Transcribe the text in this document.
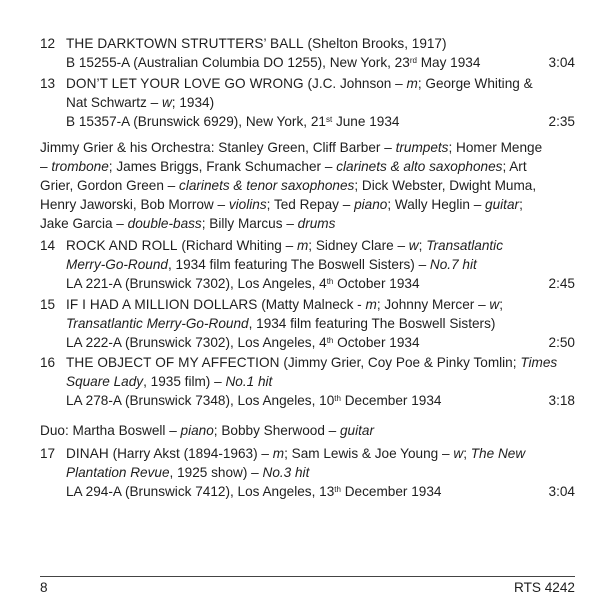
12 THE DARKTOWN STRUTTERS’ BALL (Shelton Brooks, 1917)
B 15255-A (Australian Columbia DO 1255), New York, 23rd May 1934	3:04
13 DON’T LET YOUR LOVE GO WRONG (J.C. Johnson – m; George Whiting &
Nat Schwartz – w; 1934)
B 15357-A (Brunswick 6929), New York, 21st June 1934	2:35
Jimmy Grier & his Orchestra: Stanley Green, Cliff Barber – trumpets; Homer Menge
– trombone; James Briggs, Frank Schumacher – clarinets & alto saxophones; Art
Grier, Gordon Green – clarinets & tenor saxophones; Dick Webster, Dwight Muma,
Henry Jaworski, Bob Morrow – violins; Ted Repay – piano; Wally Heglin – guitar;
Jake Garcia – double-bass; Billy Marcus – drums
14 ROCK AND ROLL (Richard Whiting – m; Sidney Clare – w; Transatlantic
Merry-Go-Round, 1934 film featuring The Boswell Sisters) – No.7 hit
LA 221-A (Brunswick 7302), Los Angeles, 4th October 1934	2:45
15 IF I HAD A MILLION DOLLARS (Matty Malneck - m; Johnny Mercer – w;
Transatlantic Merry-Go-Round, 1934 film featuring The Boswell Sisters)
LA 222-A (Brunswick 7302), Los Angeles, 4th October 1934	2:50
16 THE OBJECT OF MY AFFECTION (Jimmy Grier, Coy Poe & Pinky Tomlin; Times
Square Lady, 1935 film) – No.1 hit
LA 278-A (Brunswick 7348), Los Angeles, 10th December 1934	3:18
Duo: Martha Boswell – piano; Bobby Sherwood – guitar
17 DINAH (Harry Akst (1894-1963) – m; Sam Lewis & Joe Young – w; The New
Plantation Revue, 1925 show) – No.3 hit
LA 294-A (Brunswick 7412), Los Angeles, 13th December 1934	3:04
8	RTS 4242
